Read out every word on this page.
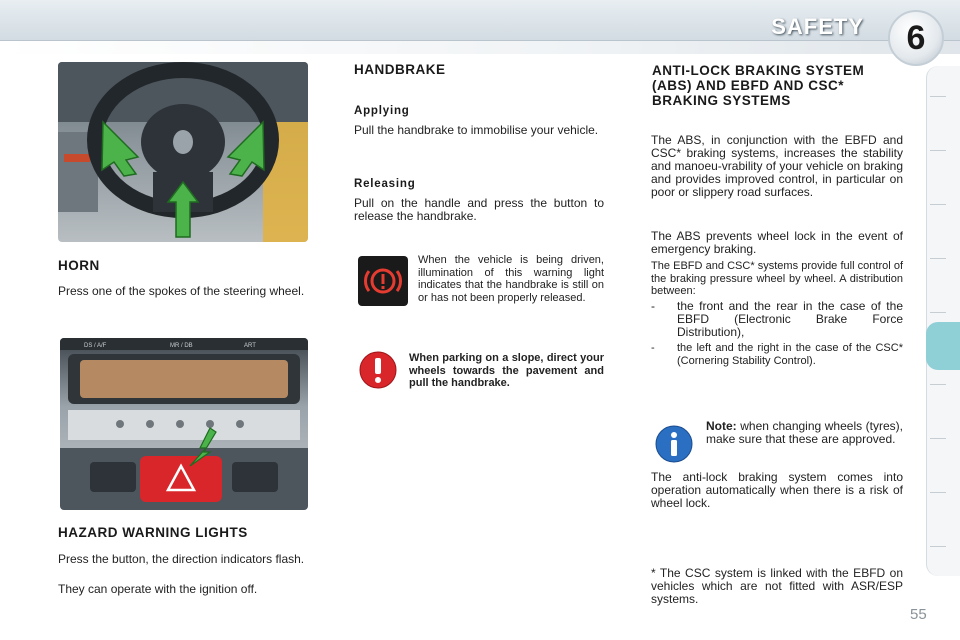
SAFETY	6
HORN

Press one of the spokes of the steering wheel.

DS / A/F	MR / DB	ART
HAZARD WARNING LIGHTS

Press the button, the direction indicators flash.

They can operate with the ignition off.

HANDBRAKE
Applying

Pull the handbrake to immobilise your vehicle.

Releasing

Pull on the handle and press the button to release the handbrake.

When the vehicle is being driven, illumination of this warning light indicates that the handbrake is still on or has not been properly released.

When parking on a slope, direct your wheels towards the pavement and pull the handbrake.

ANTI-LOCK BRAKING SYSTEM (ABS) AND EBFD AND CSC* BRAKING SYSTEMS

The ABS, in conjunction with the EBFD and CSC* braking systems, increases the stability and manoeu-vrability of your vehicle on braking and provides improved control, in particular on poor or slippery road surfaces.

The ABS prevents wheel lock in the event of emergency braking.

The EBFD and CSC* systems provide full control of the braking pressure wheel by wheel. A distribution between:

- the front and the rear in the case of the EBFD (Electronic Brake Force Distribution),
- the left and the right in the case of the CSC* (Cornering Stability Control).

Note: when changing wheels (tyres), make sure that these are approved.

The anti-lock braking system comes into operation automatically when there is a risk of wheel lock.

* The CSC system is linked with the EBFD on vehicles which are not fitted with ASR/ESP systems.

55
